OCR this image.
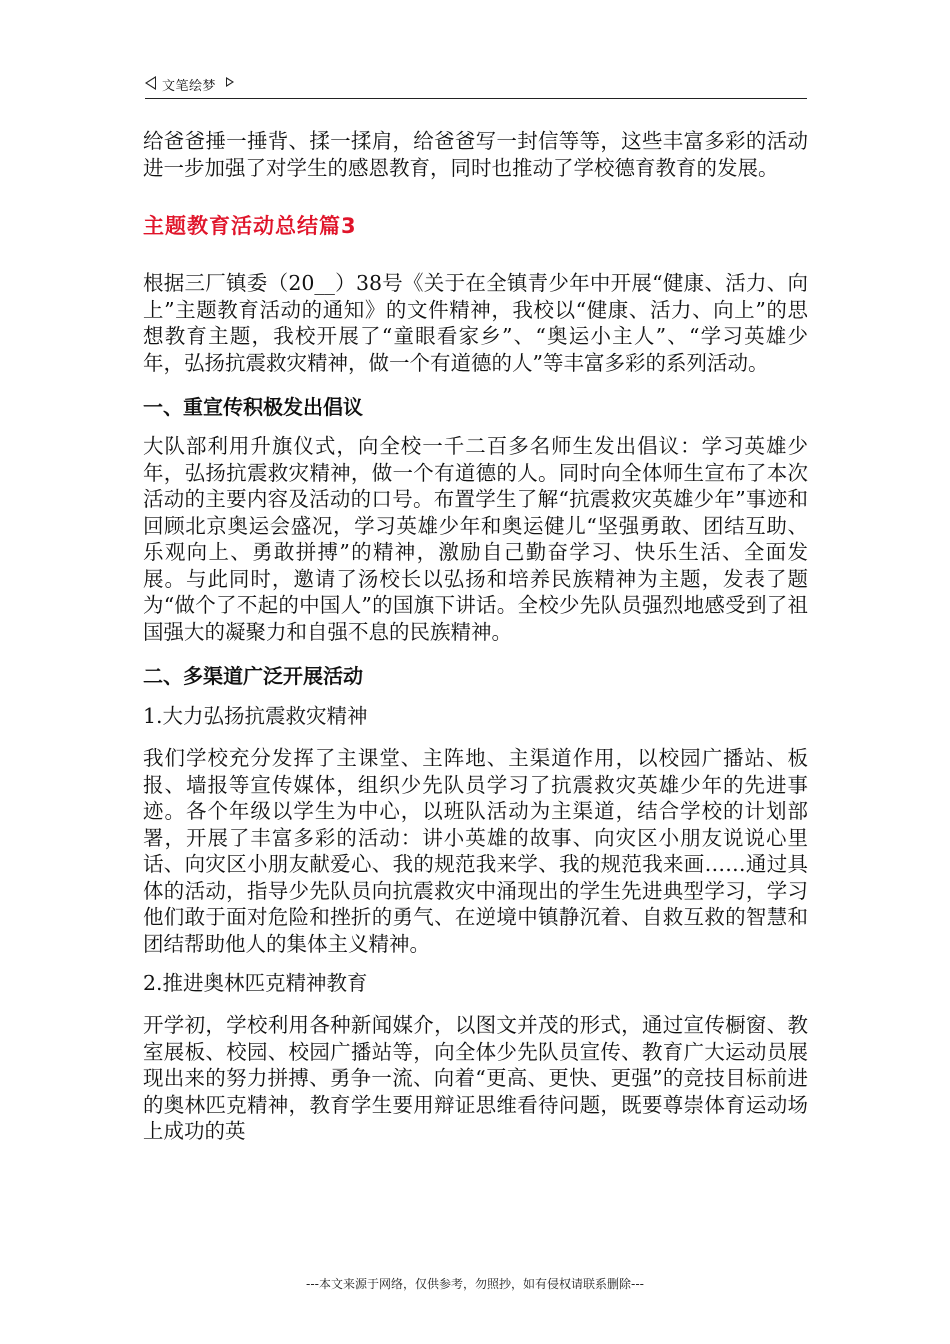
文笔绘梦

给爸爸捶一捶背、揉一揉肩，给爸爸写一封信等等，这些丰富多彩的活动进一步加强了对学生的感恩教育，同时也推动了学校德育教育的发展。

主题教育活动总结篇3

根据三厂镇委（20__）38号《关于在全镇青少年中开展“健康、活力、向上”主题教育活动的通知》的文件精神，我校以“健康、活力、向上”的思想教育主题，我校开展了“童眼看家乡”、“奥运小主人”、“学习英雄少年，弘扬抗震救灾精神，做一个有道德的人”等丰富多彩的系列活动。

一、重宣传积极发出倡议

大队部利用升旗仪式，向全校一千二百多名师生发出倡议：学习英雄少年，弘扬抗震救灾精神，做一个有道德的人。同时向全体师生宣布了本次活动的主要内容及活动的口号。布置学生了解“抗震救灾英雄少年”事迹和回顾北京奥运会盛况，学习英雄少年和奥运健儿“坚强勇敢、团结互助、乐观向上、勇敢拼搏”的精神，激励自己勤奋学习、快乐生活、全面发展。与此同时，邀请了汤校长以弘扬和培养民族精神为主题，发表了题为“做个了不起的中国人”的国旗下讲话。全校少先队员强烈地感受到了祖国强大的凝聚力和自强不息的民族精神。

二、多渠道广泛开展活动

1.大力弘扬抗震救灾精神

我们学校充分发挥了主课堂、主阵地、主渠道作用，以校园广播站、板报、墙报等宣传媒体，组织少先队员学习了抗震救灾英雄少年的先进事迹。各个年级以学生为中心，以班队活动为主渠道，结合学校的计划部署，开展了丰富多彩的活动：讲小英雄的故事、向灾区小朋友说说心里话、向灾区小朋友献爱心、我的规范我来学、我的规范我来画……通过具体的活动，指导少先队员向抗震救灾中涌现出的学生先进典型学习，学习他们敢于面对危险和挫折的勇气、在逆境中镇静沉着、自救互救的智慧和团结帮助他人的集体主义精神。

2.推进奥林匹克精神教育

开学初，学校利用各种新闻媒介，以图文并茂的形式，通过宣传橱窗、教室展板、校园、校园广播站等，向全体少先队员宣传、教育广大运动员展现出来的努力拼搏、勇争一流、向着“更高、更快、更强”的竞技目标前进的奥林匹克精神，教育学生要用辩证思维看待问题，既要尊崇体育运动场上成功的英

---本文来源于网络，仅供参考，勿照抄，如有侵权请联系删除---
